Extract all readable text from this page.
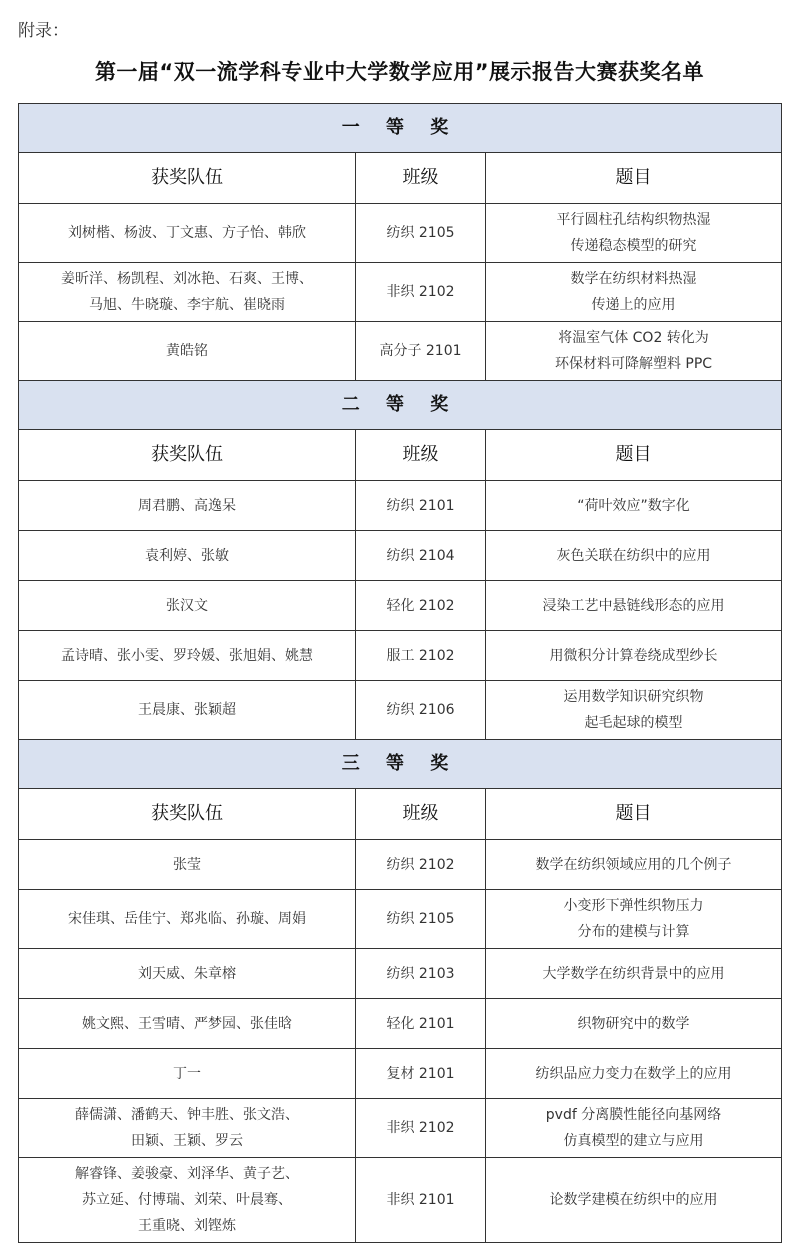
附录：
第一届“双一流学科专业中大学数学应用”展示报告大赛获奖名单
一 等 奖		
获奖队伍	班级	题目
刘树楷、杨波、丁文惠、方子怡、韩欣	纺织 2105	平行圆柱孔结构织物热湿
传递稳态模型的研究
姜昕洋、杨凯程、刘冰艳、石爽、王博、
马旭、牛晓璇、李宇航、崔晓雨	非织 2102	数学在纺织材料热湿
传递上的应用
黄皓铭	高分子 2101	将温室气体 CO2 转化为
环保材料可降解塑料 PPC
二 等 奖		
获奖队伍	班级	题目
周君鹏、高逸呆	纺织 2101	“荷叶效应”数字化
袁利婷、张敏	纺织 2104	灰色关联在纺织中的应用
张汉文	轻化 2102	浸染工艺中悬链线形态的应用
孟诗晴、张小雯、罗玲媛、张旭娟、姚慧	服工 2102	用微积分计算卷绕成型纱长
王晨康、张颖超	纺织 2106	运用数学知识研究织物
起毛起球的模型
三 等 奖		
获奖队伍	班级	题目
张莹	纺织 2102	数学在纺织领域应用的几个例子
宋佳琪、岳佳宁、郑兆临、孙璇、周娟	纺织 2105	小变形下弹性织物压力
分布的建模与计算
刘天威、朱章榕	纺织 2103	大学数学在纺织背景中的应用
姚文熙、王雪晴、严梦园、张佳晗	轻化 2101	织物研究中的数学
丁一	复材 2101	纺织品应力变力在数学上的应用
薛儒潇、潘鹤天、钟丰胜、张文浩、
田颖、王颖、罗云	非织 2102	pvdf 分离膜性能径向基网络
仿真模型的建立与应用
解睿锋、姜骏豪、刘泽华、黄子艺、
苏立延、付博瑞、刘荣、叶晨骞、
王重晓、刘铿炼	非织 2101	论数学建模在纺织中的应用
